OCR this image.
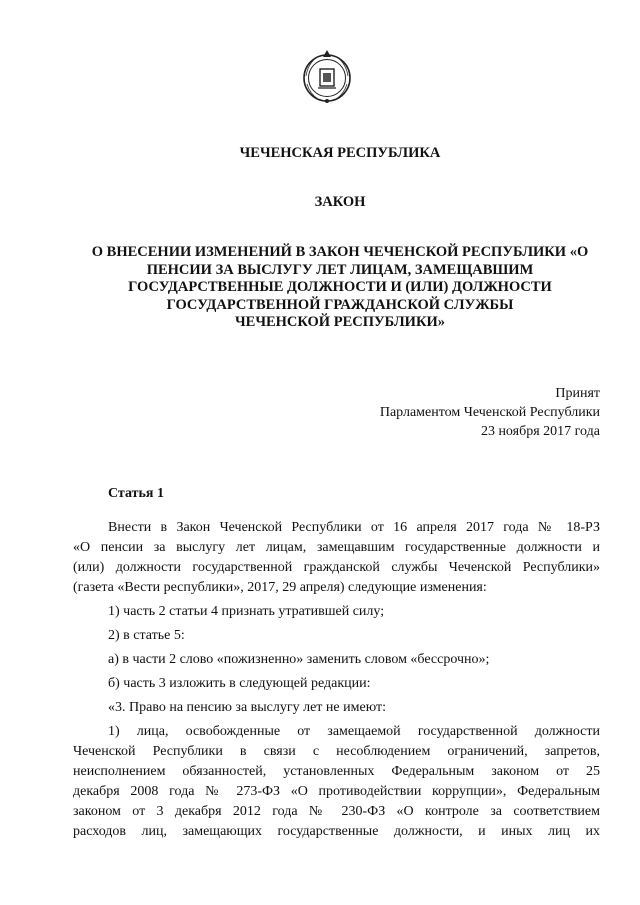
ЧЕЧЕНСКАЯ РЕСПУБЛИКА
ЗАКОН
О ВНЕСЕНИИ ИЗМЕНЕНИЙ В ЗАКОН ЧЕЧЕНСКОЙ РЕСПУБЛИКИ «О
ПЕНСИИ ЗА ВЫСЛУГУ ЛЕТ ЛИЦАМ, ЗАМЕЩАВШИМ
ГОСУДАРСТВЕННЫЕ ДОЛЖНОСТИ И (ИЛИ) ДОЛЖНОСТИ
ГОСУДАРСТВЕННОЙ ГРАЖДАНСКОЙ СЛУЖБЫ
ЧЕЧЕНСКОЙ РЕСПУБЛИКИ»
Принят
Парламентом Чеченской Республики
23 ноября 2017 года
Статья 1
Внести в Закон Чеченской Республики от 16 апреля 2017 года № 18-РЗ
«О пенсии за выслугу лет лицам, замещавшим государственные должности и
(или) должности государственной гражданской службы Чеченской Республики»
(газета «Вести республики», 2017, 29 апреля) следующие изменения:
1) часть 2 статьи 4 признать утратившей силу;
2) в статье 5:
а) в части 2 слово «пожизненно» заменить словом «бессрочно»;
б) часть 3 изложить в следующей редакции:
«3. Право на пенсию за выслугу лет не имеют:
1) лица, освобожденные от замещаемой государственной должности
Чеченской Республики в связи с несоблюдением ограничений, запретов,
неисполнением обязанностей, установленных Федеральным законом от 25
декабря 2008 года № 273-ФЗ «О противодействии коррупции», Федеральным
законом от 3 декабря 2012 года № 230-ФЗ «О контроле за соответствием
расходов лиц, замещающих государственные должности, и иных лиц их
